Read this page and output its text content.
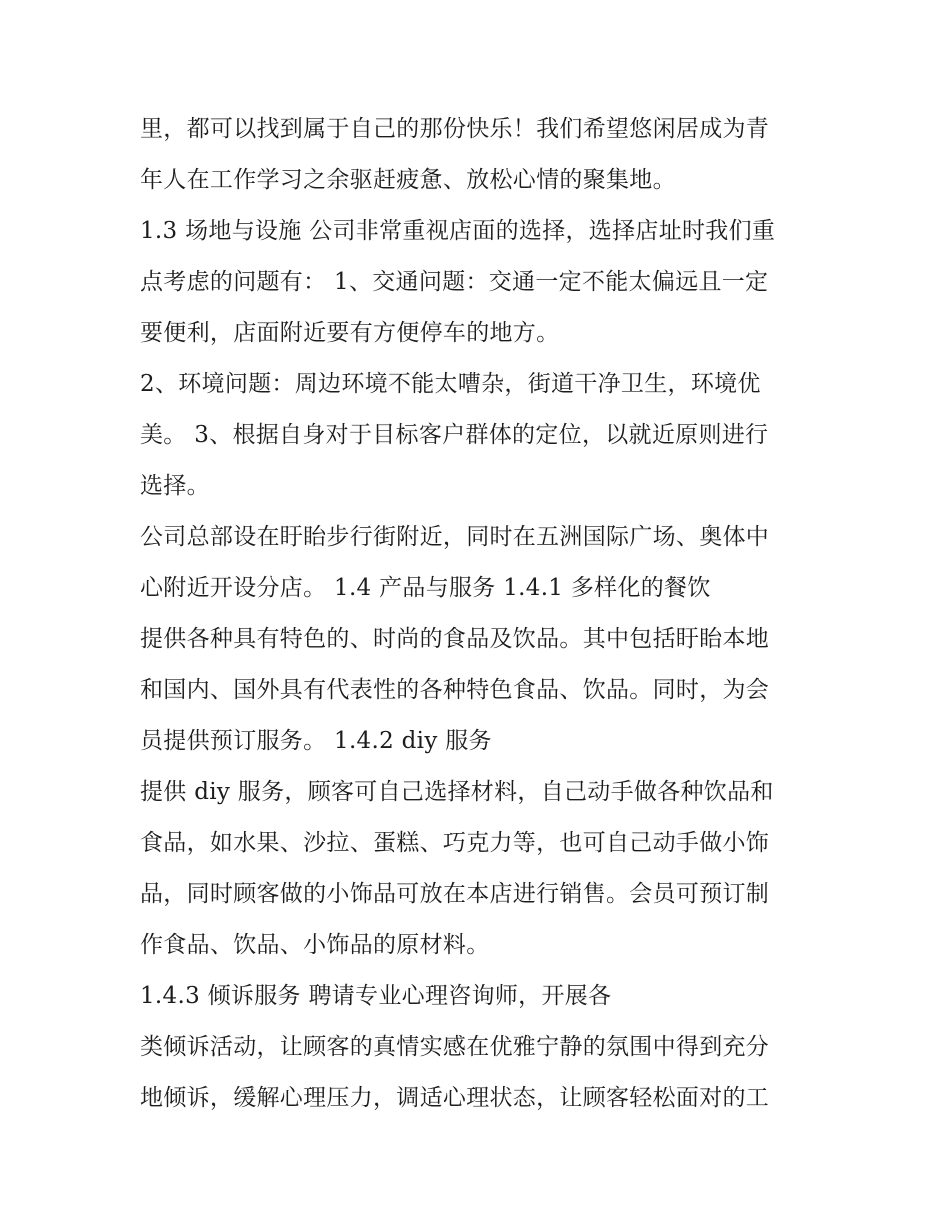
里，都可以找到属于自己的那份快乐！我们希望悠闲居成为青
年人在工作学习之余驱赶疲惫、放松心情的聚集地。
1.3 场地与设施 公司非常重视店面的选择，选择店址时我们重
点考虑的问题有： 1、交通问题：交通一定不能太偏远且一定
要便利，店面附近要有方便停车的地方。
2、环境问题：周边环境不能太嘈杂，街道干净卫生，环境优
美。 3、根据自身对于目标客户群体的定位，以就近原则进行
选择。
公司总部设在盱眙步行街附近，同时在五洲国际广场、奥体中
心附近开设分店。 1.4 产品与服务 1.4.1 多样化的餐饮
提供各种具有特色的、时尚的食品及饮品。其中包括盱眙本地
和国内、国外具有代表性的各种特色食品、饮品。同时，为会
员提供预订服务。 1.4.2 diy 服务
提供 diy 服务，顾客可自己选择材料，自己动手做各种饮品和
食品，如水果、沙拉、蛋糕、巧克力等，也可自己动手做小饰
品，同时顾客做的小饰品可放在本店进行销售。会员可预订制
作食品、饮品、小饰品的原材料。
1.4.3 倾诉服务 聘请专业心理咨询师，开展各
类倾诉活动，让顾客的真情实感在优雅宁静的氛围中得到充分
地倾诉，缓解心理压力，调适心理状态，让顾客轻松面对的工
